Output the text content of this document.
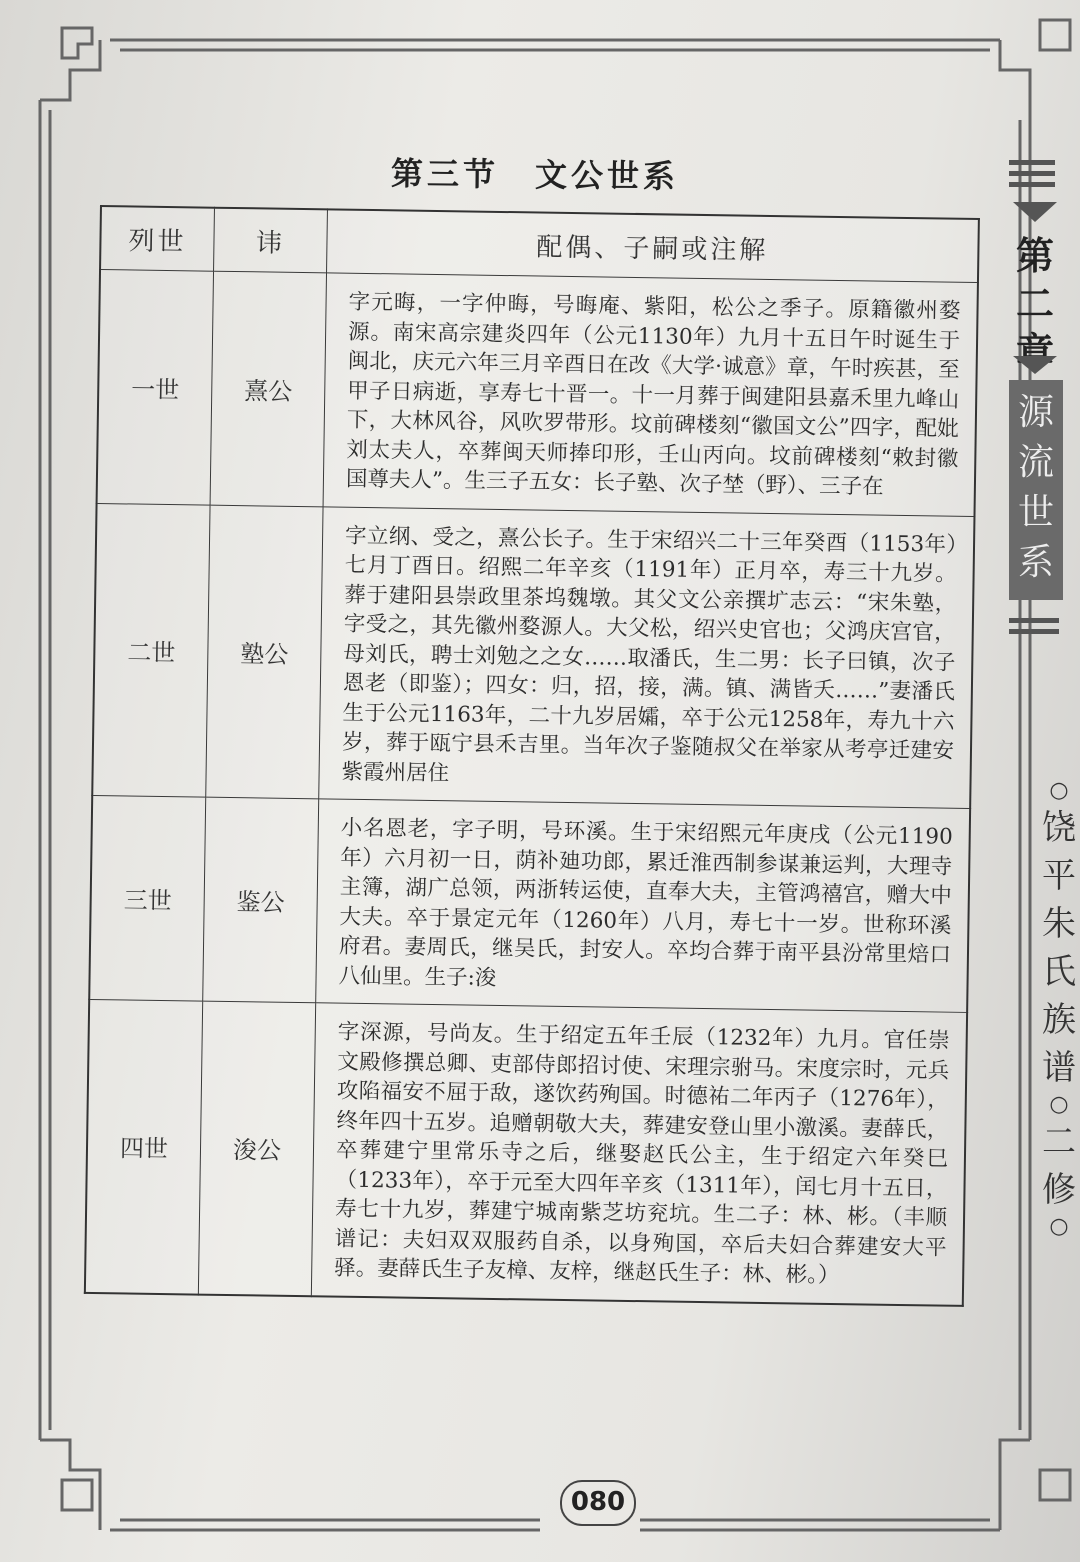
第三节　文公世系
列世	讳	配偶、子嗣或注解
一世	熹公	字元晦，一字仲晦，号晦庵、紫阳，松公之季子。原籍徽州婺源。南宋高宗建炎四年（公元1130年）九月十五日午时诞生于闽北，庆元六年三月辛酉日在改《大学·诚意》章，午时疾甚，至甲子日病逝，享寿七十晋一。十一月葬于闽建阳县嘉禾里九峰山下，大林风谷，风吹罗带形。坟前碑楼刻“徽国文公”四字，配妣刘太夫人，卒葬闽天师捧印形，壬山丙向。坟前碑楼刻“敕封徽国尊夫人”。生三子五女：长子塾、次子埜（野）、三子在
二世	塾公	字立纲、受之，熹公长子。生于宋绍兴二十三年癸酉（1153年）七月丁酉日。绍熙二年辛亥（1191年）正月卒，寿三十九岁。葬于建阳县崇政里茶坞魏墩。其父文公亲撰圹志云：“宋朱塾，字受之，其先徽州婺源人。大父松，绍兴史官也；父鸿庆宫官，母刘氏，聘士刘勉之之女……取潘氏，生二男：长子曰镇，次子恩老（即鉴）；四女：归，招，接，满。镇、满皆夭……”妻潘氏生于公元1163年，二十九岁居孀，卒于公元1258年，寿九十六岁，葬于瓯宁县禾吉里。当年次子鉴随叔父在举家从考亭迁建安紫霞州居住
三世	鉴公	小名恩老，字子明，号环溪。生于宋绍熙元年庚戌（公元1190年）六月初一日，荫补廸功郎，累迁淮西制参谋兼运判，大理寺主簿，湖广总领，两浙转运使，直奉大夫，主管鸿禧宫，赠大中大夫。卒于景定元年（1260年）八月，寿七十一岁。世称环溪府君。妻周氏，继吴氏，封安人。卒均合葬于南平县汾常里焙口八仙里。生子:浚
四世	浚公	字深源，号尚友。生于绍定五年壬辰（1232年）九月。官任崇文殿修撰总卿、吏部侍郎招讨使、宋理宗驸马。宋度宗时，元兵攻陷福安不屈于敌，遂饮药殉国。时德祐二年丙子（1276年），终年四十五岁。追赠朝敬大夫，葬建安登山里小激溪。妻薛氏，卒葬建宁里常乐寺之后，继娶赵氏公主，生于绍定六年癸巳（1233年），卒于元至大四年辛亥（1311年），闰七月十五日，寿七十九岁，葬建宁城南紫芝坊兖坑。生二子：林、彬。（丰顺谱记：夫妇双双服药自杀，以身殉国，卒后夫妇合葬建安大平驿。妻薛氏生子友樟、友梓，继赵氏生子：林、彬。）
第二章
源流世系
○
饶平朱氏族谱
○
二修
○
080
